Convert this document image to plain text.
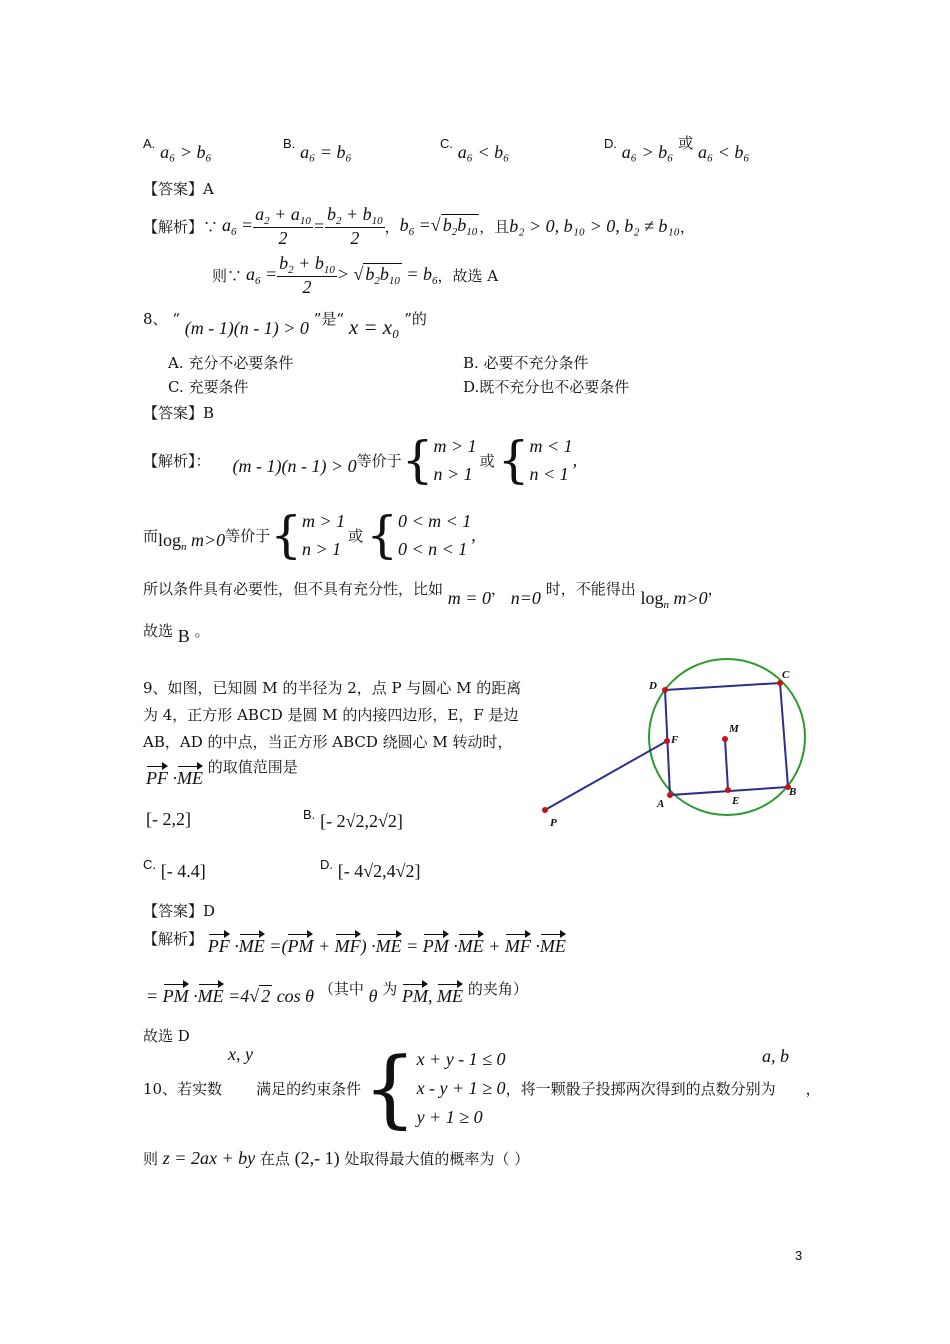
A. a₆ > b₆	B. a₆ = b₆	C. a₆ < b₆	D. a₆ > b₆ 或 a₆ < b₆
【答案】A
【解析】∵ $a_6 = \frac{a_2 + a_{10}}{2} = \frac{b_2 + b_{10}}{2}$ ， $b_6$ =√ $b_2b_{10}$ ，且 b₂ > 0, b₁₀ > 0, b₂ ≠ b₁₀ ，
则∵ $a_6 = \frac{b_2 + b_{10}}{2}$ > √ $b_2b_{10} = b_6$ ，故选 A
8、 “ (m - 1)(n - 1) > 0 ”是“ x = x₀ ”的
A. 充分不必要条件	B. 必要不充分条件
C. 充要条件	D.既不充分也不必要条件
【答案】B
【解析】： (m - 1)(n - 1) > 0 等价于 { m > 1
n > 1
或 { m < 1
n < 1
,
而 $\log_n m>0$ 等价于 { m > 1
n > 1
或 { 0 < m < 1
0 < n < 1
,
所以条件具有必要性，但不具有充分性，比如 m = 0， n=0 时，不能得出 $\log_n m>0$，
故选 B 。
9、如图，已知圆 M 的半径为 2，点 P 与圆心 M 的距离
为 4，正方形 ABCD 是圆 M 的内接四边形，E，F 是边
AB，AD 的中点，当正方形 ABCD 绕圆心 M 转动时，
PF ·ME 的取值范围是
D
C
M
F
A	E
B
P
[- 2,2]	B. [- 2√2,2√2]
C. [- 4.4]	D. [- 4√2,4√2]
【答案】D
【解析】 PF ·ME =(PM + MF) ·ME = PM ·ME + MF ·ME
= PM ·ME =4√ 2 cos θ （其中 θ 为 PM, ME 的夹角）
故选 D
x, y	a, b
10、若实数 满足的约束条件 { x + y - 1 ≤ 0
x - y + 1 ≥ 0
y + 1 ≥ 0
，将一颗骰子投掷两次得到的点数分别为 ，
则 z = 2ax + by 在点 (2,- 1) 处取得最大值的概率为（ ）
3
